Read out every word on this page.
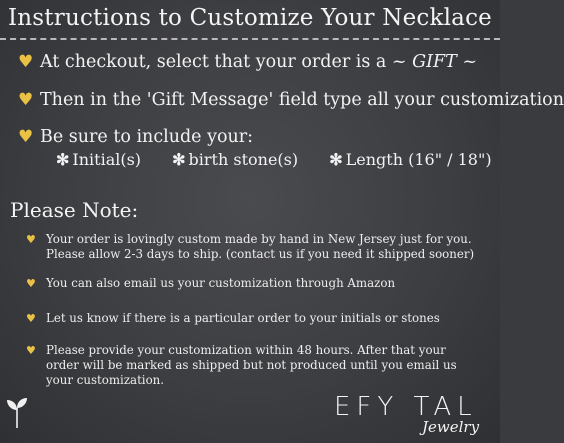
Instructions to Customize Your Necklace
♥ At checkout, select that your order is a ~ GIFT ~
♥ Then in the 'Gift Message' field type all your customization
♥ Be sure to include your:
✻ Initial(s) ✻ birth stone(s) ✻ Length (16" / 18")
Please Note:
♥ Your order is lovingly custom made by hand in New Jersey just for you.
Please allow 2-3 days to ship. (contact us if you need it shipped sooner)
♥ You can also email us your customization through Amazon
♥ Let us know if there is a particular order to your initials or stones
♥ Please provide your customization within 48 hours. After that your
order will be marked as shipped but not produced until you email us
your customization.
EFY TAL
Jewelry
